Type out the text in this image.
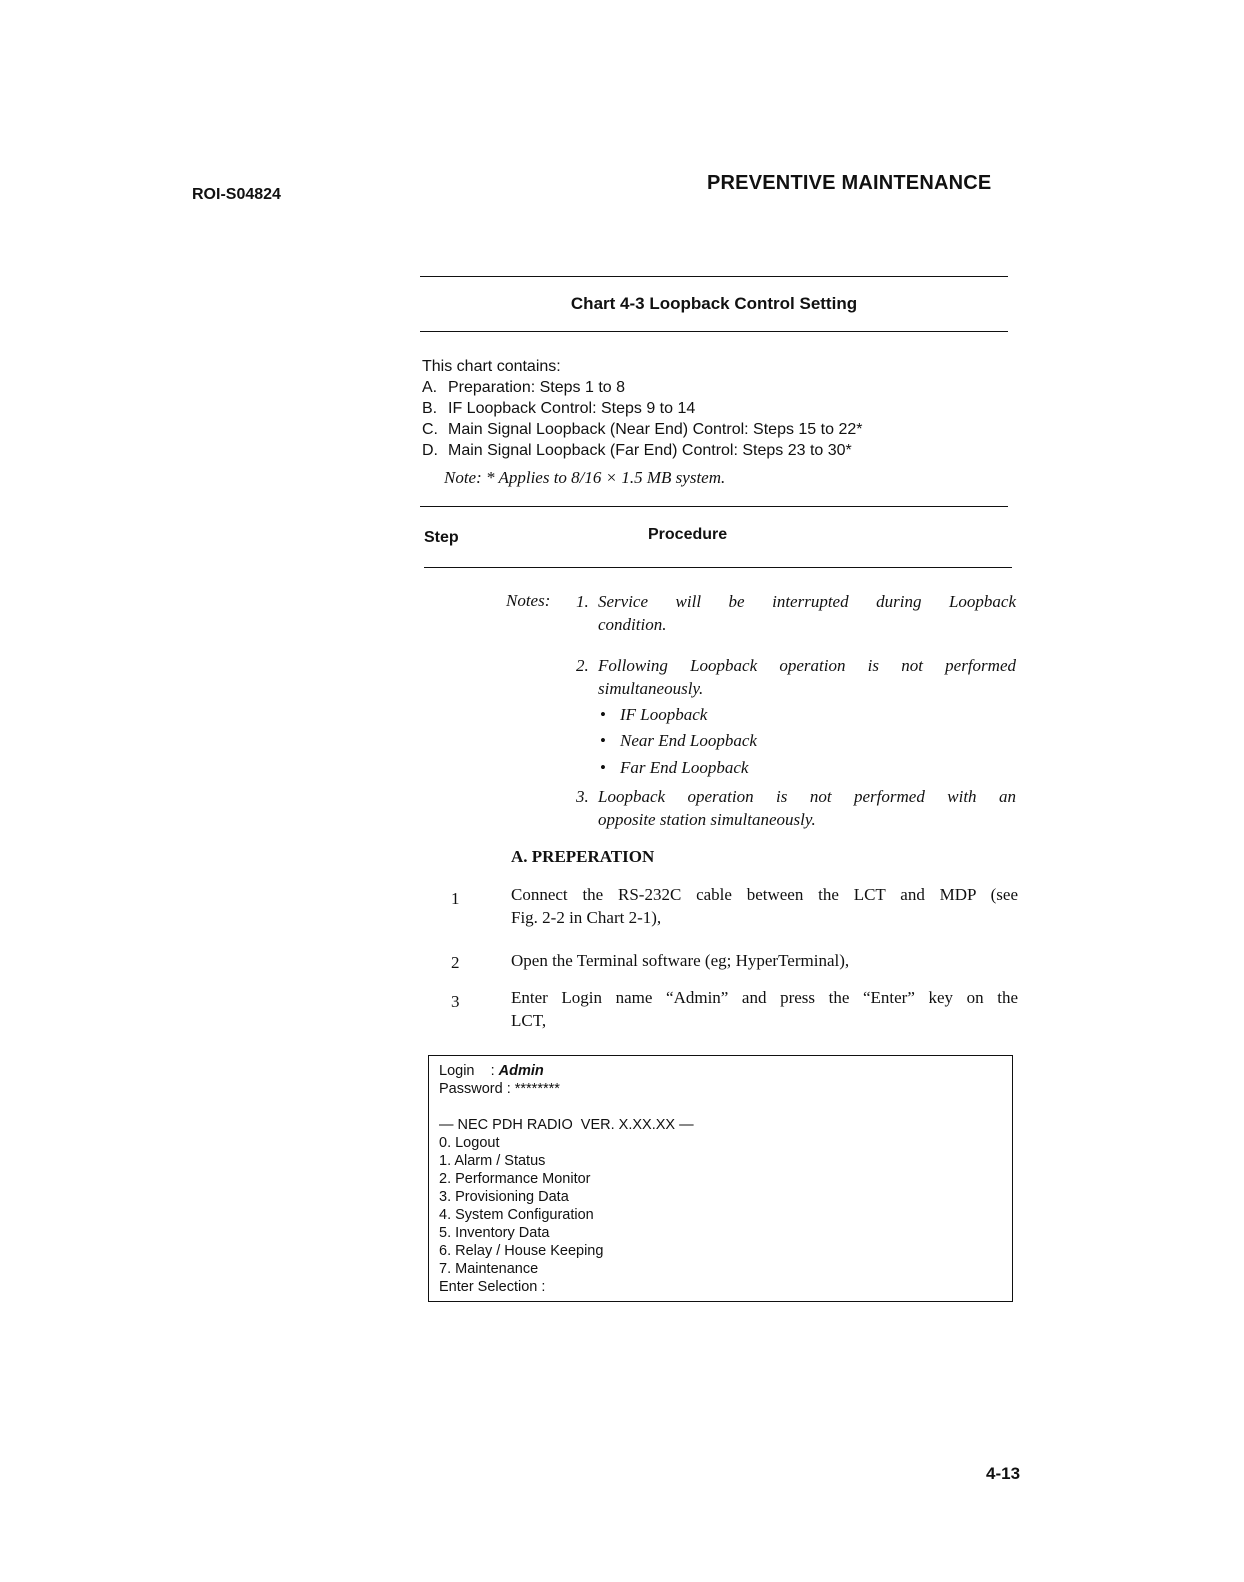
ROI-S04824
PREVENTIVE MAINTENANCE
Chart 4-3 Loopback Control Setting
This chart contains:
A. Preparation: Steps 1 to 8
B. IF Loopback Control: Steps 9 to 14
C. Main Signal Loopback (Near End) Control: Steps 15 to 22*
D. Main Signal Loopback (Far End) Control: Steps 23 to 30*
Note: * Applies to 8/16 × 1.5 MB system.
Step	Procedure
Notes: 1. Service will be interrupted during Loopback
condition.
2. Following Loopback operation is not performed
simultaneously.
• IF Loopback
• Near End Loopback
• Far End Loopback
3. Loopback operation is not performed with an
opposite station simultaneously.
A. PREPERATION
1	Connect the RS-232C cable between the LCT and MDP (see
Fig. 2-2 in Chart 2-1),
2	Open the Terminal software (eg; HyperTerminal),
3	Enter Login name “Admin” and press the “Enter” key on the
LCT,
Login    : Admin
Password : ********
— NEC PDH RADIO  VER. X.XX.XX —
0. Logout
1. Alarm / Status
2. Performance Monitor
3. Provisioning Data
4. System Configuration
5. Inventory Data
6. Relay / House Keeping
7. Maintenance
Enter Selection :
4-13
